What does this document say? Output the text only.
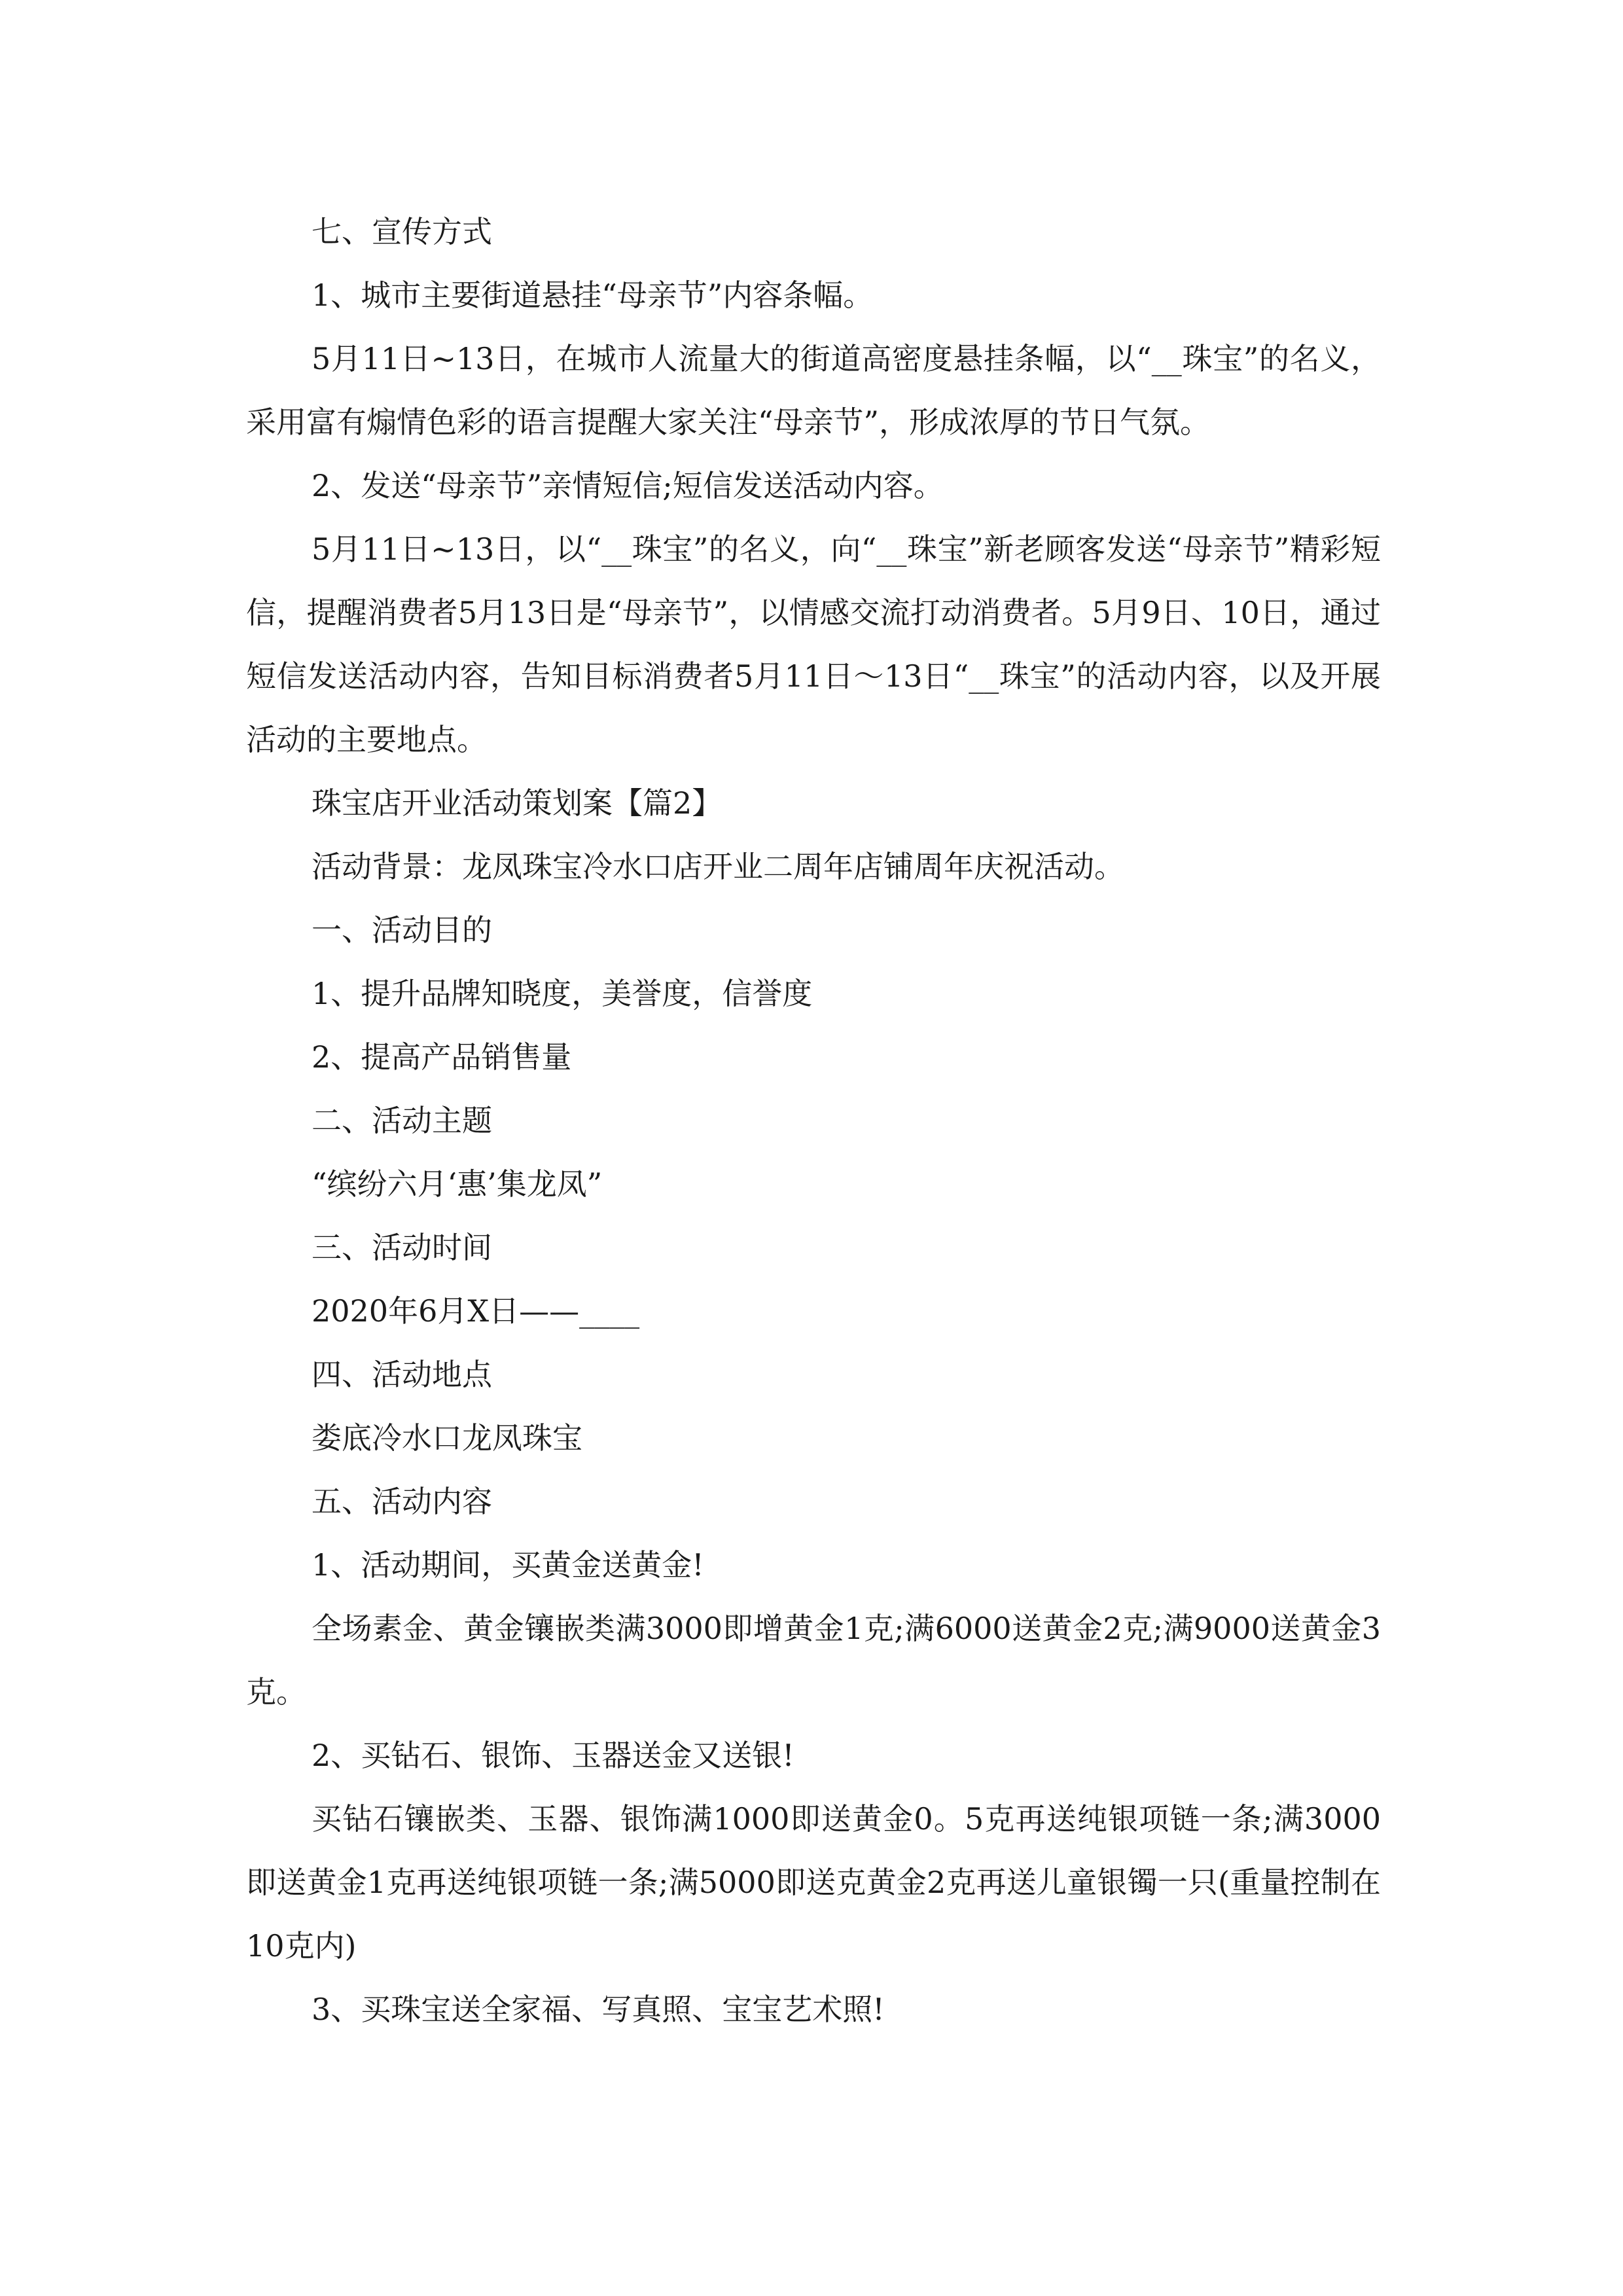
七、宣传方式

1、城市主要街道悬挂“母亲节”内容条幅。

5月11日~13日，在城市人流量大的街道高密度悬挂条幅，以“__珠宝”的名义，采用富有煽情色彩的语言提醒大家关注“母亲节”，形成浓厚的节日气氛。

2、发送“母亲节”亲情短信;短信发送活动内容。

5月11日~13日，以“__珠宝”的名义，向“__珠宝”新老顾客发送“母亲节”精彩短信，提醒消费者5月13日是“母亲节”，以情感交流打动消费者。5月9日、10日，通过短信发送活动内容，告知目标消费者5月11日～13日“__珠宝”的活动内容，以及开展活动的主要地点。

珠宝店开业活动策划案【篇2】

活动背景：龙凤珠宝冷水口店开业二周年店铺周年庆祝活动。

一、活动目的

1、提升品牌知晓度，美誉度，信誉度

2、提高产品销售量

二、活动主题

“缤纷六月‘惠’集龙凤”

三、活动时间

2020年6月X日——____

四、活动地点

娄底冷水口龙凤珠宝

五、活动内容

1、活动期间，买黄金送黄金!

全场素金、黄金镶嵌类满3000即增黄金1克;满6000送黄金2克;满9000送黄金3克。

2、买钻石、银饰、玉器送金又送银!

买钻石镶嵌类、玉器、银饰满1000即送黄金0。5克再送纯银项链一条;满3000即送黄金1克再送纯银项链一条;满5000即送克黄金2克再送儿童银镯一只(重量控制在10克内)

3、买珠宝送全家福、写真照、宝宝艺术照!
